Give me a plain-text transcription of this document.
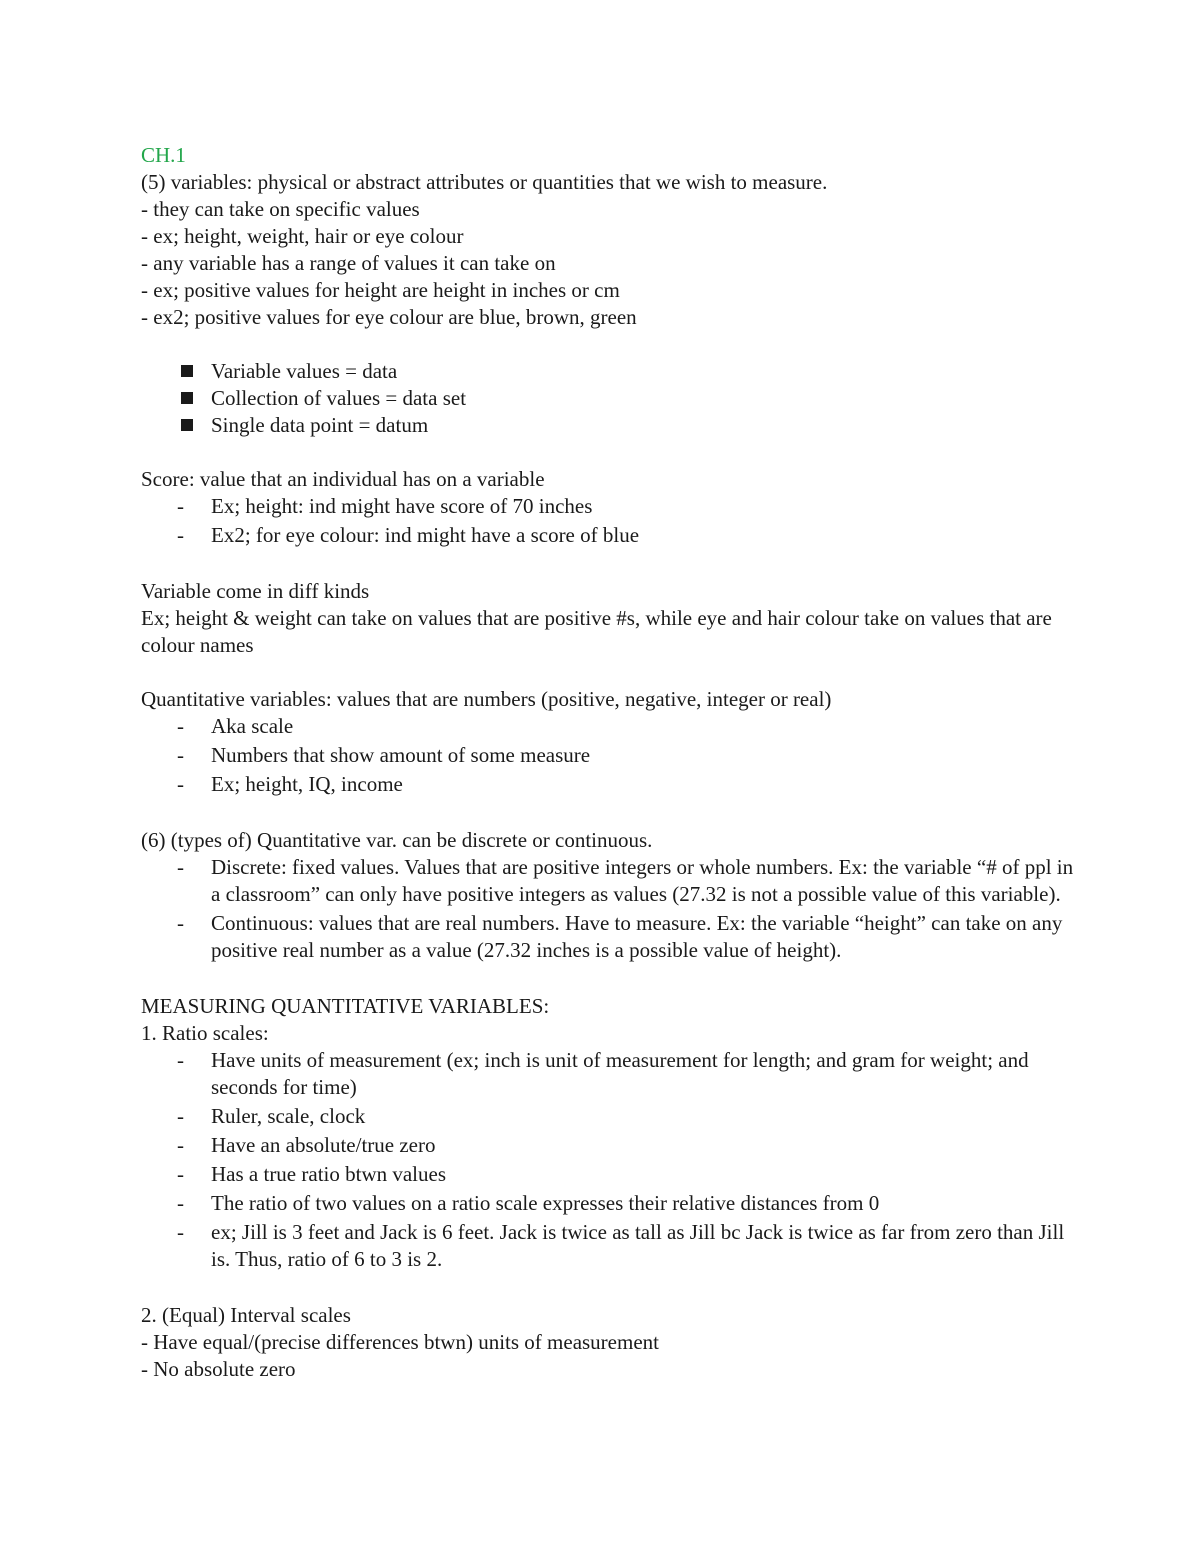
CH.1

(5) variables: physical or abstract attributes or quantities that we wish to measure.

- they can take on specific values

- ex; height, weight, hair or eye colour

- any variable has a range of values it can take on

- ex; positive values for height are height in inches or cm

- ex2; positive values for eye colour are blue, brown, green

Variable values = data
Collection of values = data set
Single data point = datum

Score: value that an individual has on a variable

- Ex; height: ind might have score of 70 inches
- Ex2; for eye colour: ind might have a score of blue

Variable come in diff kinds

Ex; height & weight can take on values that are positive #s, while eye and hair colour take on values that are colour names

Quantitative variables: values that are numbers (positive, negative, integer or real)

- Aka scale
- Numbers that show amount of some measure
- Ex; height, IQ, income

(6) (types of) Quantitative var. can be discrete or continuous.

- Discrete: fixed values. Values that are positive integers or whole numbers. Ex: the variable “# of ppl in a classroom” can only have positive integers as values (27.32 is not a possible value of this variable).
- Continuous: values that are real numbers. Have to measure. Ex: the variable “height” can take on any positive real number as a value (27.32 inches is a possible value of height).

MEASURING QUANTITATIVE VARIABLES:

1. Ratio scales:

- Have units of measurement (ex; inch is unit of measurement for length; and gram for weight; and seconds for time)
- Ruler, scale, clock
- Have an absolute/true zero
- Has a true ratio btwn values
- The ratio of two values on a ratio scale expresses their relative distances from 0
- ex; Jill is 3 feet and Jack is 6 feet. Jack is twice as tall as Jill bc Jack is twice as far from zero than Jill is. Thus, ratio of 6 to 3 is 2.

2. (Equal) Interval scales

- Have equal/(precise differences btwn) units of measurement

- No absolute zero
